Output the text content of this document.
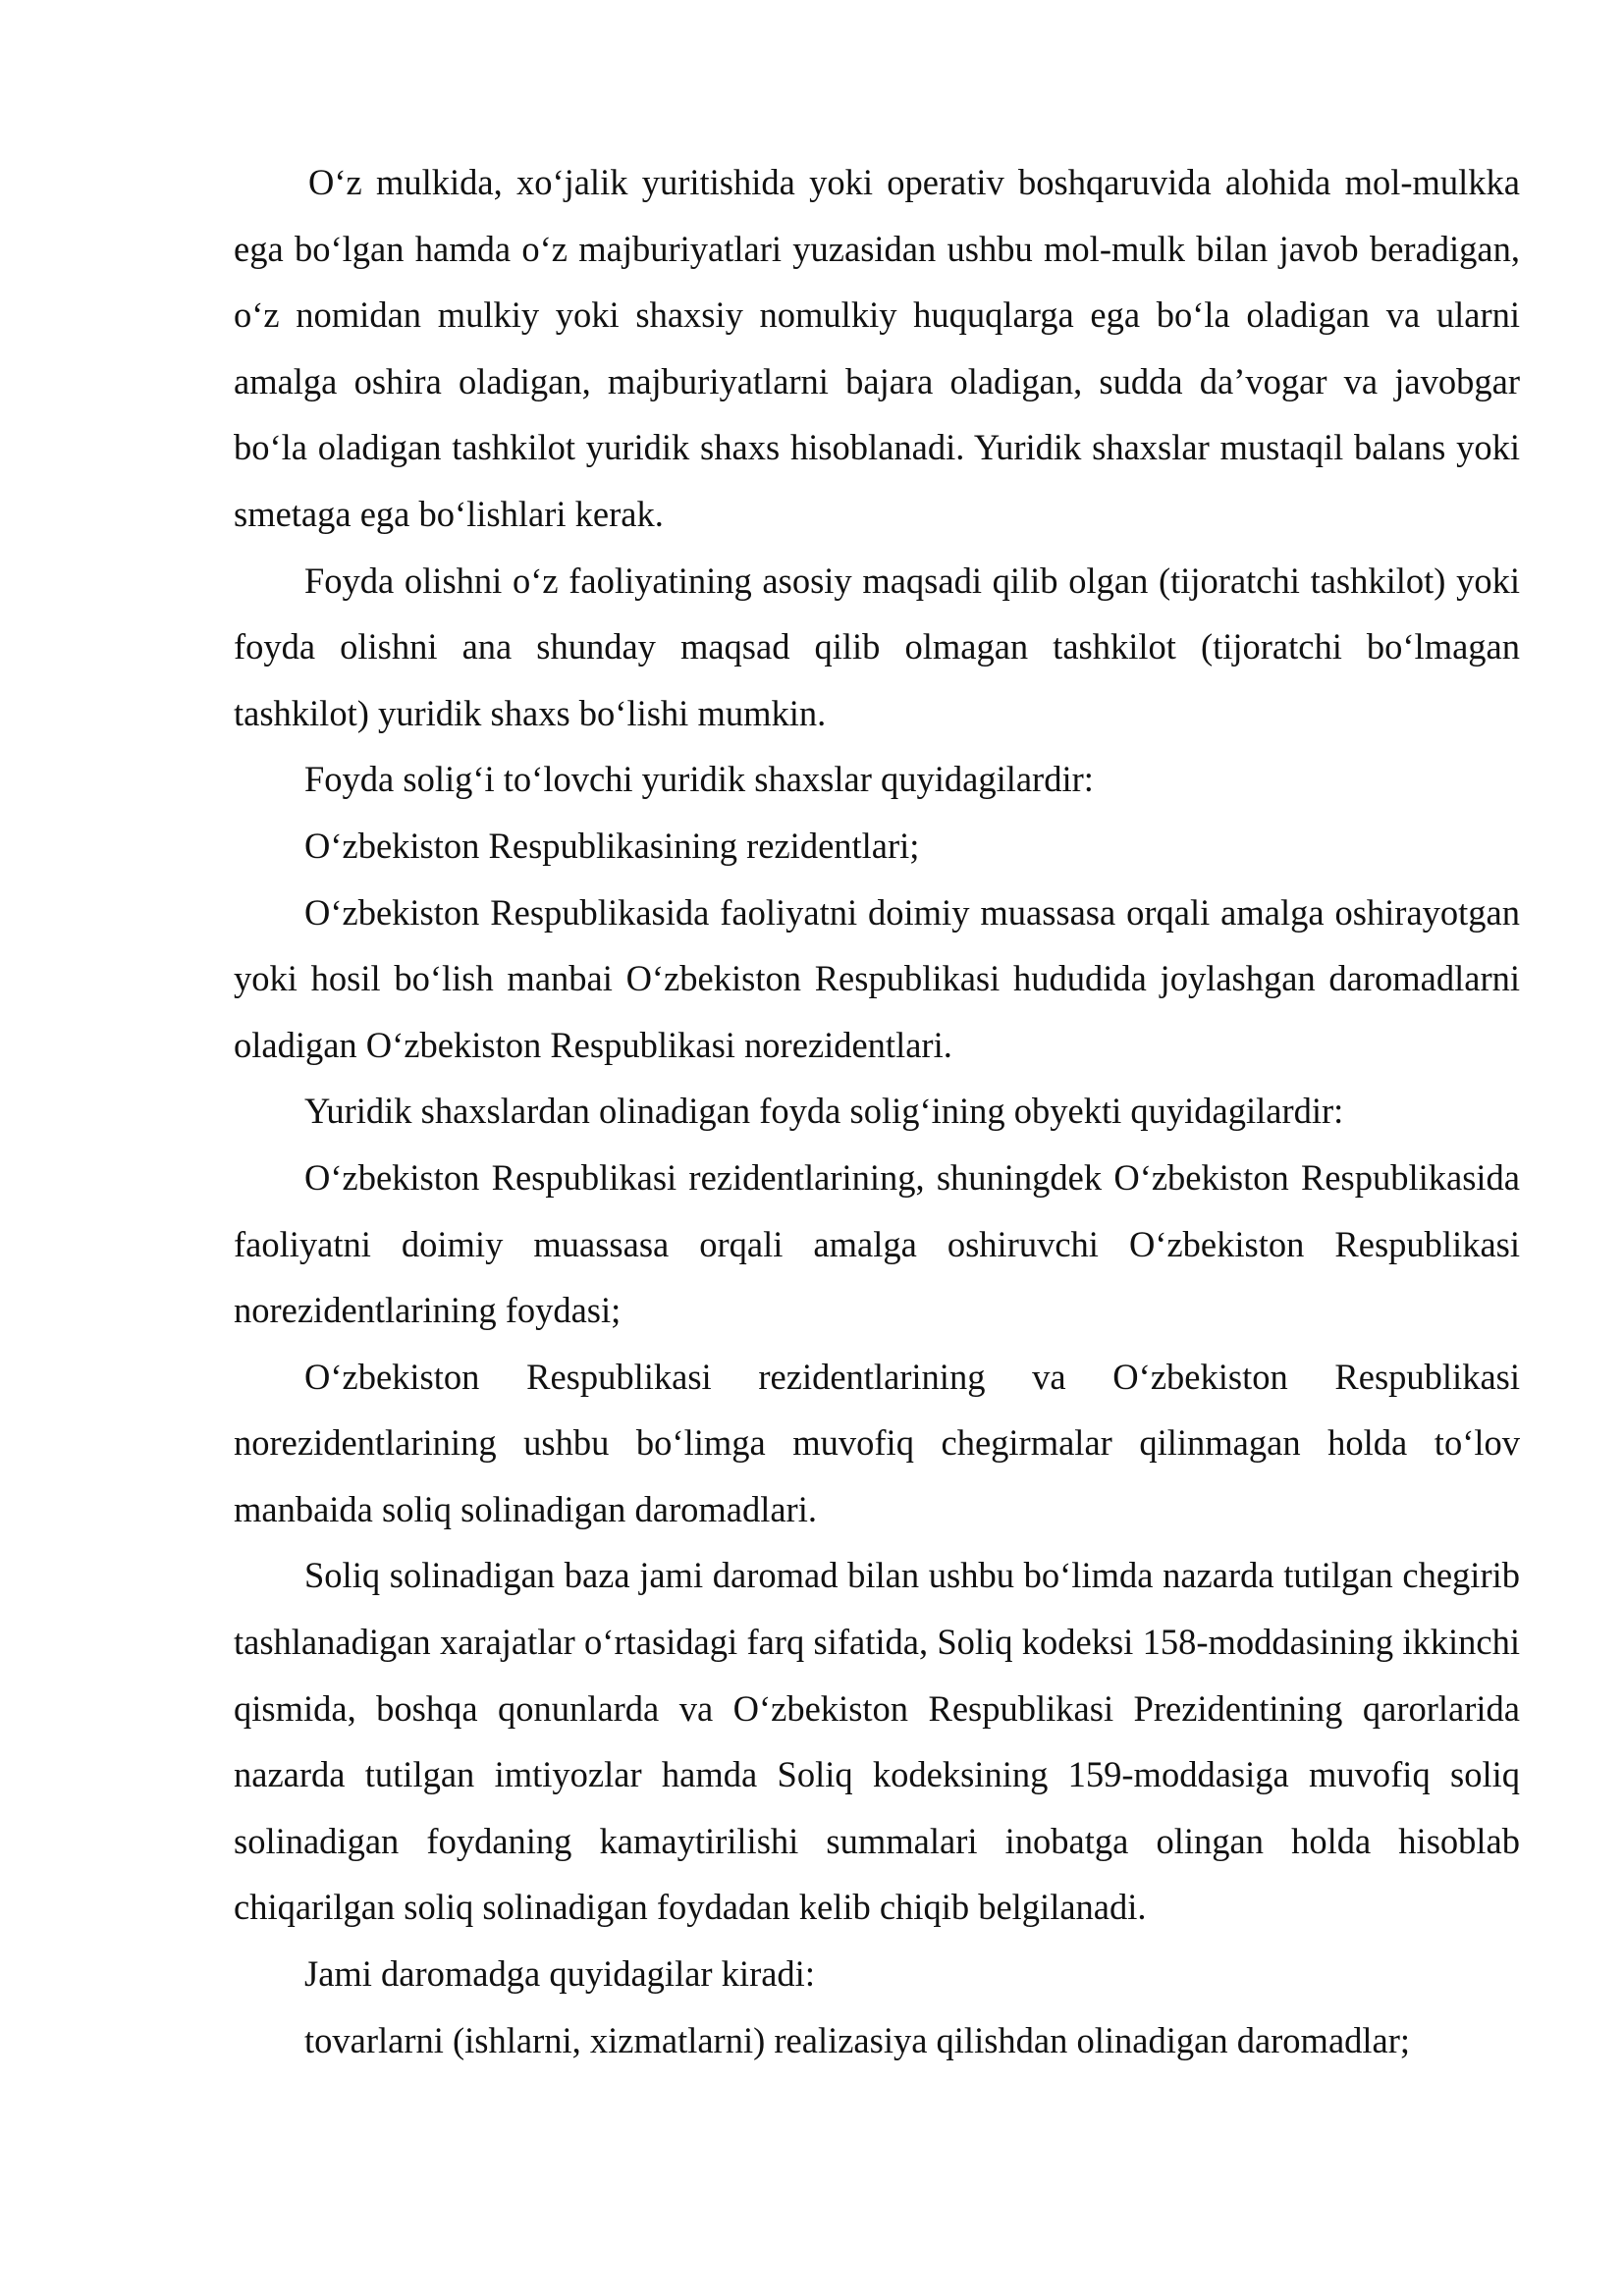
O‘z mulkida, xo‘jalik yuritishida yoki operativ boshqaruvida alohida mol-mulkka ega bo‘lgan hamda o‘z majburiyatlari yuzasidan ushbu mol-mulk bilan javob beradigan, o‘z nomidan mulkiy yoki shaxsiy nomulkiy huquqlarga ega bo‘la oladigan va ularni amalga oshira oladigan, majburiyatlarni bajara oladigan, sudda da’vogar va javobgar bo‘la oladigan tashkilot yuridik shaxs hisoblanadi. Yuridik shaxslar mustaqil balans yoki smetaga ega bo‘lishlari kerak.

Foyda olishni o‘z faoliyatining asosiy maqsadi qilib olgan (tijoratchi tashkilot) yoki foyda olishni ana shunday maqsad qilib olmagan tashkilot (tijoratchi bo‘lmagan tashkilot) yuridik shaxs bo‘lishi mumkin.

Foyda solig‘i to‘lovchi yuridik shaxslar quyidagilardir:

O‘zbekiston Respublikasining rezidentlari;

O‘zbekiston Respublikasida faoliyatni doimiy muassasa orqali amalga oshirayotgan yoki hosil bo‘lish manbai O‘zbekiston Respublikasi hududida joylashgan daromadlarni oladigan O‘zbekiston Respublikasi norezidentlari.

Yuridik shaxslardan olinadigan foyda solig‘ining obyekti quyidagilardir:

O‘zbekiston Respublikasi rezidentlarining, shuningdek O‘zbekiston Respublikasida faoliyatni doimiy muassasa orqali amalga oshiruvchi O‘zbekiston Respublikasi norezidentlarining foydasi;

O‘zbekiston Respublikasi rezidentlarining va O‘zbekiston Respublikasi norezidentlarining ushbu bo‘limga muvofiq chegirmalar qilinmagan holda to‘lov manbaida soliq solinadigan daromadlari.

Soliq solinadigan baza jami daromad bilan ushbu bo‘limda nazarda tutilgan chegirib tashlanadigan xarajatlar o‘rtasidagi farq sifatida, Soliq kodeksi 158-moddasining ikkinchi qismida, boshqa qonunlarda va O‘zbekiston Respublikasi Prezidentining qarorlarida nazarda tutilgan imtiyozlar hamda Soliq kodeksining 159-moddasiga muvofiq soliq solinadigan foydaning kamaytirilishi summalari inobatga olingan holda hisoblab chiqarilgan soliq solinadigan foydadan kelib chiqib belgilanadi.

Jami daromadga quyidagilar kiradi:

tovarlarni (ishlarni, xizmatlarni) realizasiya qilishdan olinadigan daromadlar;
